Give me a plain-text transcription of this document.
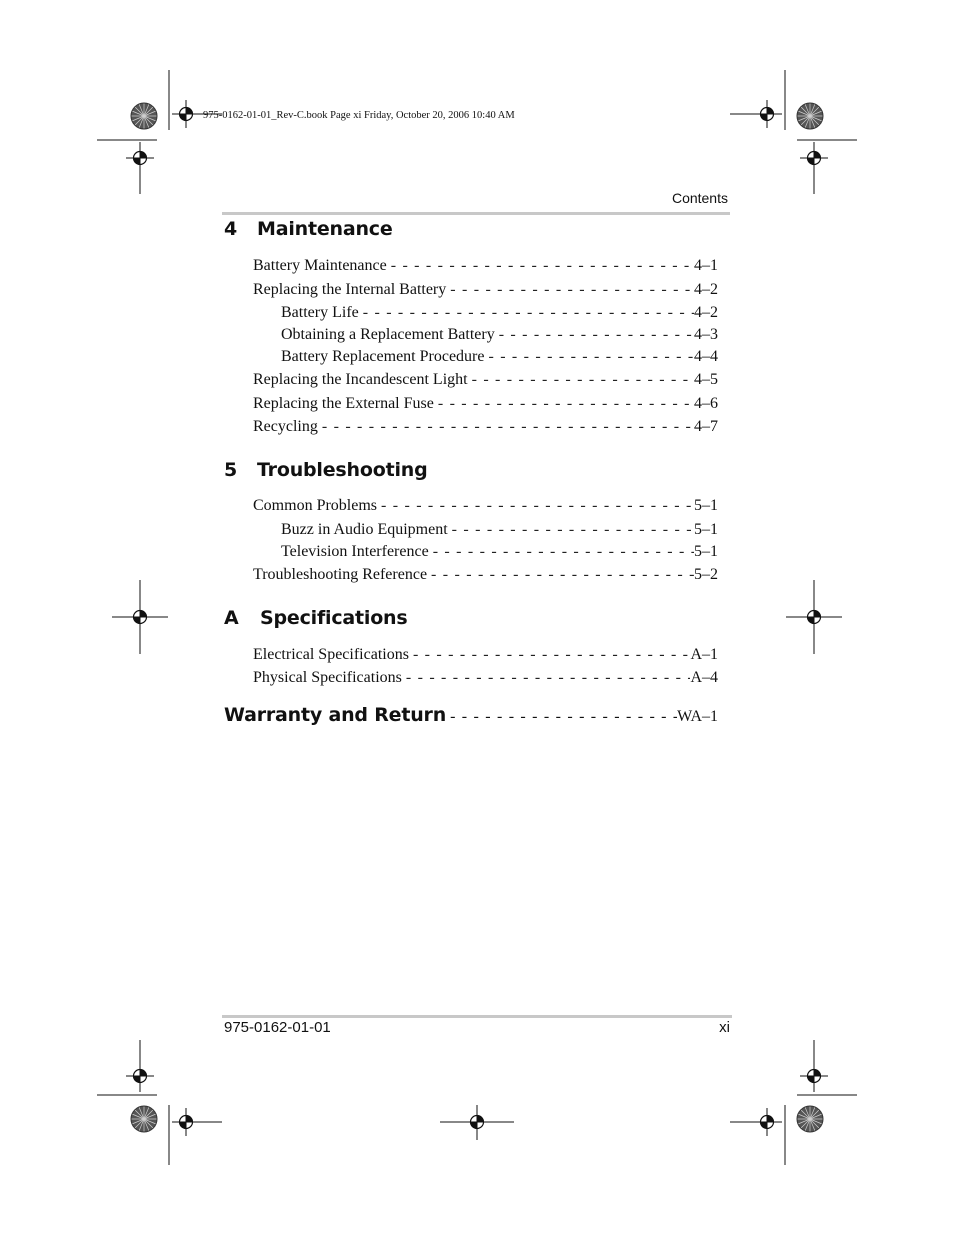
975-0162-01-01_Rev-C.book Page xi Friday, October 20, 2006 10:40 AM
Contents
4 Maintenance
Battery Maintenance - - -	4–1
Replacing the Internal Battery - - -	4–2
Battery Life - - -	4–2
Obtaining a Replacement Battery - - -	4–3
Battery Replacement Procedure - - -	4–4
Replacing the Incandescent Light - - -	4–5
Replacing the External Fuse - - -	4–6
Recycling - - -	4–7
5 Troubleshooting
Common Problems - - -	5–1
Buzz in Audio Equipment - - -	5–1
Television Interference - - -	5–1
Troubleshooting Reference - - -	5–2
A Specifications
Electrical Specifications - - -	A–1
Physical Specifications - - -	A–4
Warranty and Return - - -	WA–1
975-0162-01-01	xi
